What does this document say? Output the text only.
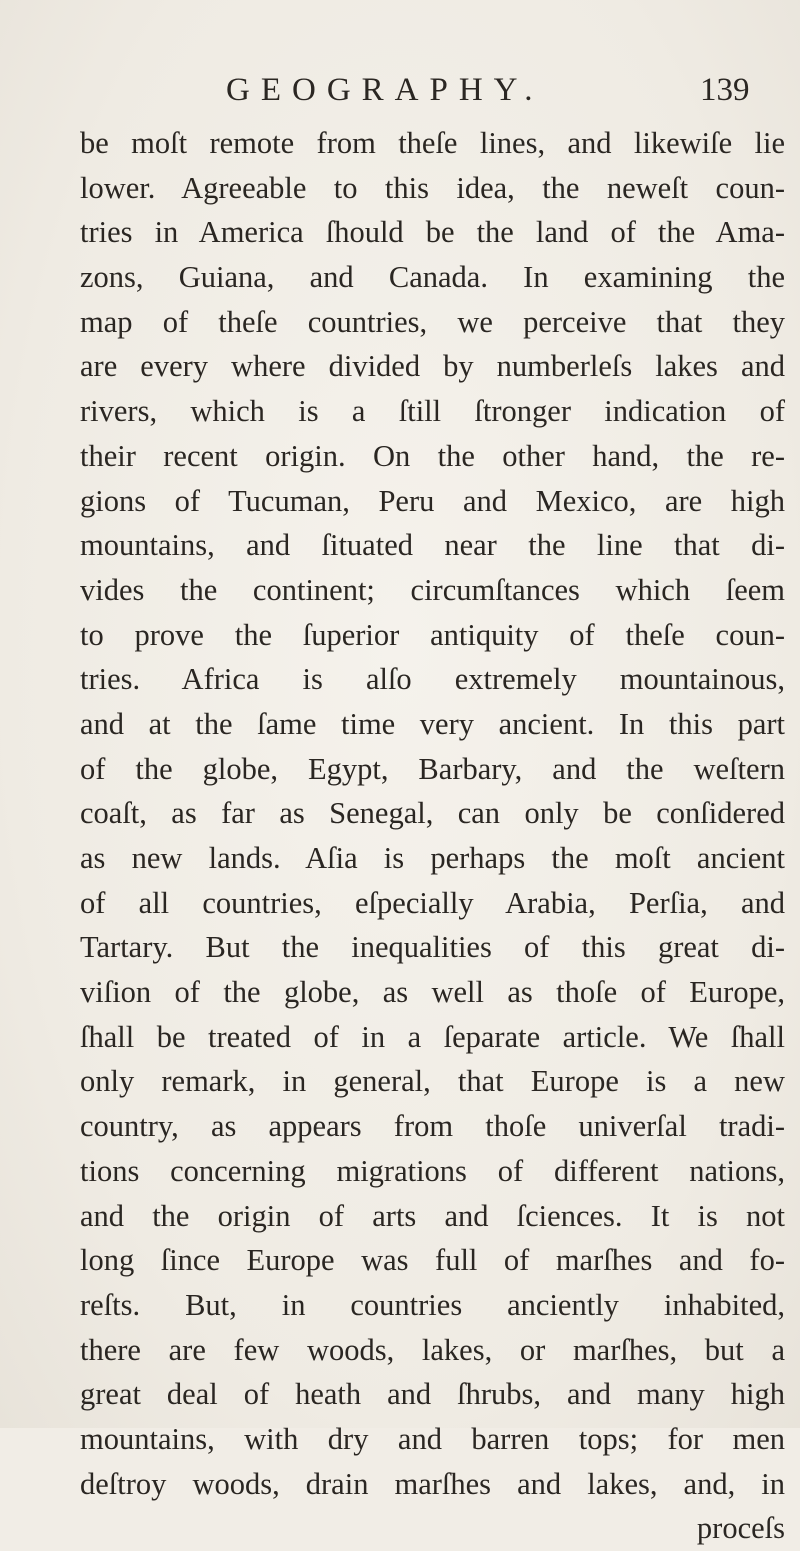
GEOGRAPHY.	139
be moſt remote from theſe lines, and likewiſe lie
lower. Agreeable to this idea, the neweſt coun-
tries in America ſhould be the land of the Ama-
zons, Guiana, and Canada. In examining the
map of theſe countries, we perceive that they
are every where divided by numberleſs lakes and
rivers, which is a ſtill ſtronger indication of
their recent origin. On the other hand, the re-
gions of Tucuman, Peru and Mexico, are high
mountains, and ſituated near the line that di-
vides the continent; circumſtances which ſeem
to prove the ſuperior antiquity of theſe coun-
tries. Africa is alſo extremely mountainous,
and at the ſame time very ancient. In this part
of the globe, Egypt, Barbary, and the weſtern
coaſt, as far as Senegal, can only be conſidered
as new lands. Aſia is perhaps the moſt ancient
of all countries, eſpecially Arabia, Perſia, and
Tartary. But the inequalities of this great di-
viſion of the globe, as well as thoſe of Europe,
ſhall be treated of in a ſeparate article. We ſhall
only remark, in general, that Europe is a new
country, as appears from thoſe univerſal tradi-
tions concerning migrations of different nations,
and the origin of arts and ſciences. It is not
long ſince Europe was full of marſhes and fo-
reſts. But, in countries anciently inhabited,
there are few woods, lakes, or marſhes, but a
great deal of heath and ſhrubs, and many high
mountains, with dry and barren tops; for men
deſtroy woods, drain marſhes and lakes, and, in
proceſs
